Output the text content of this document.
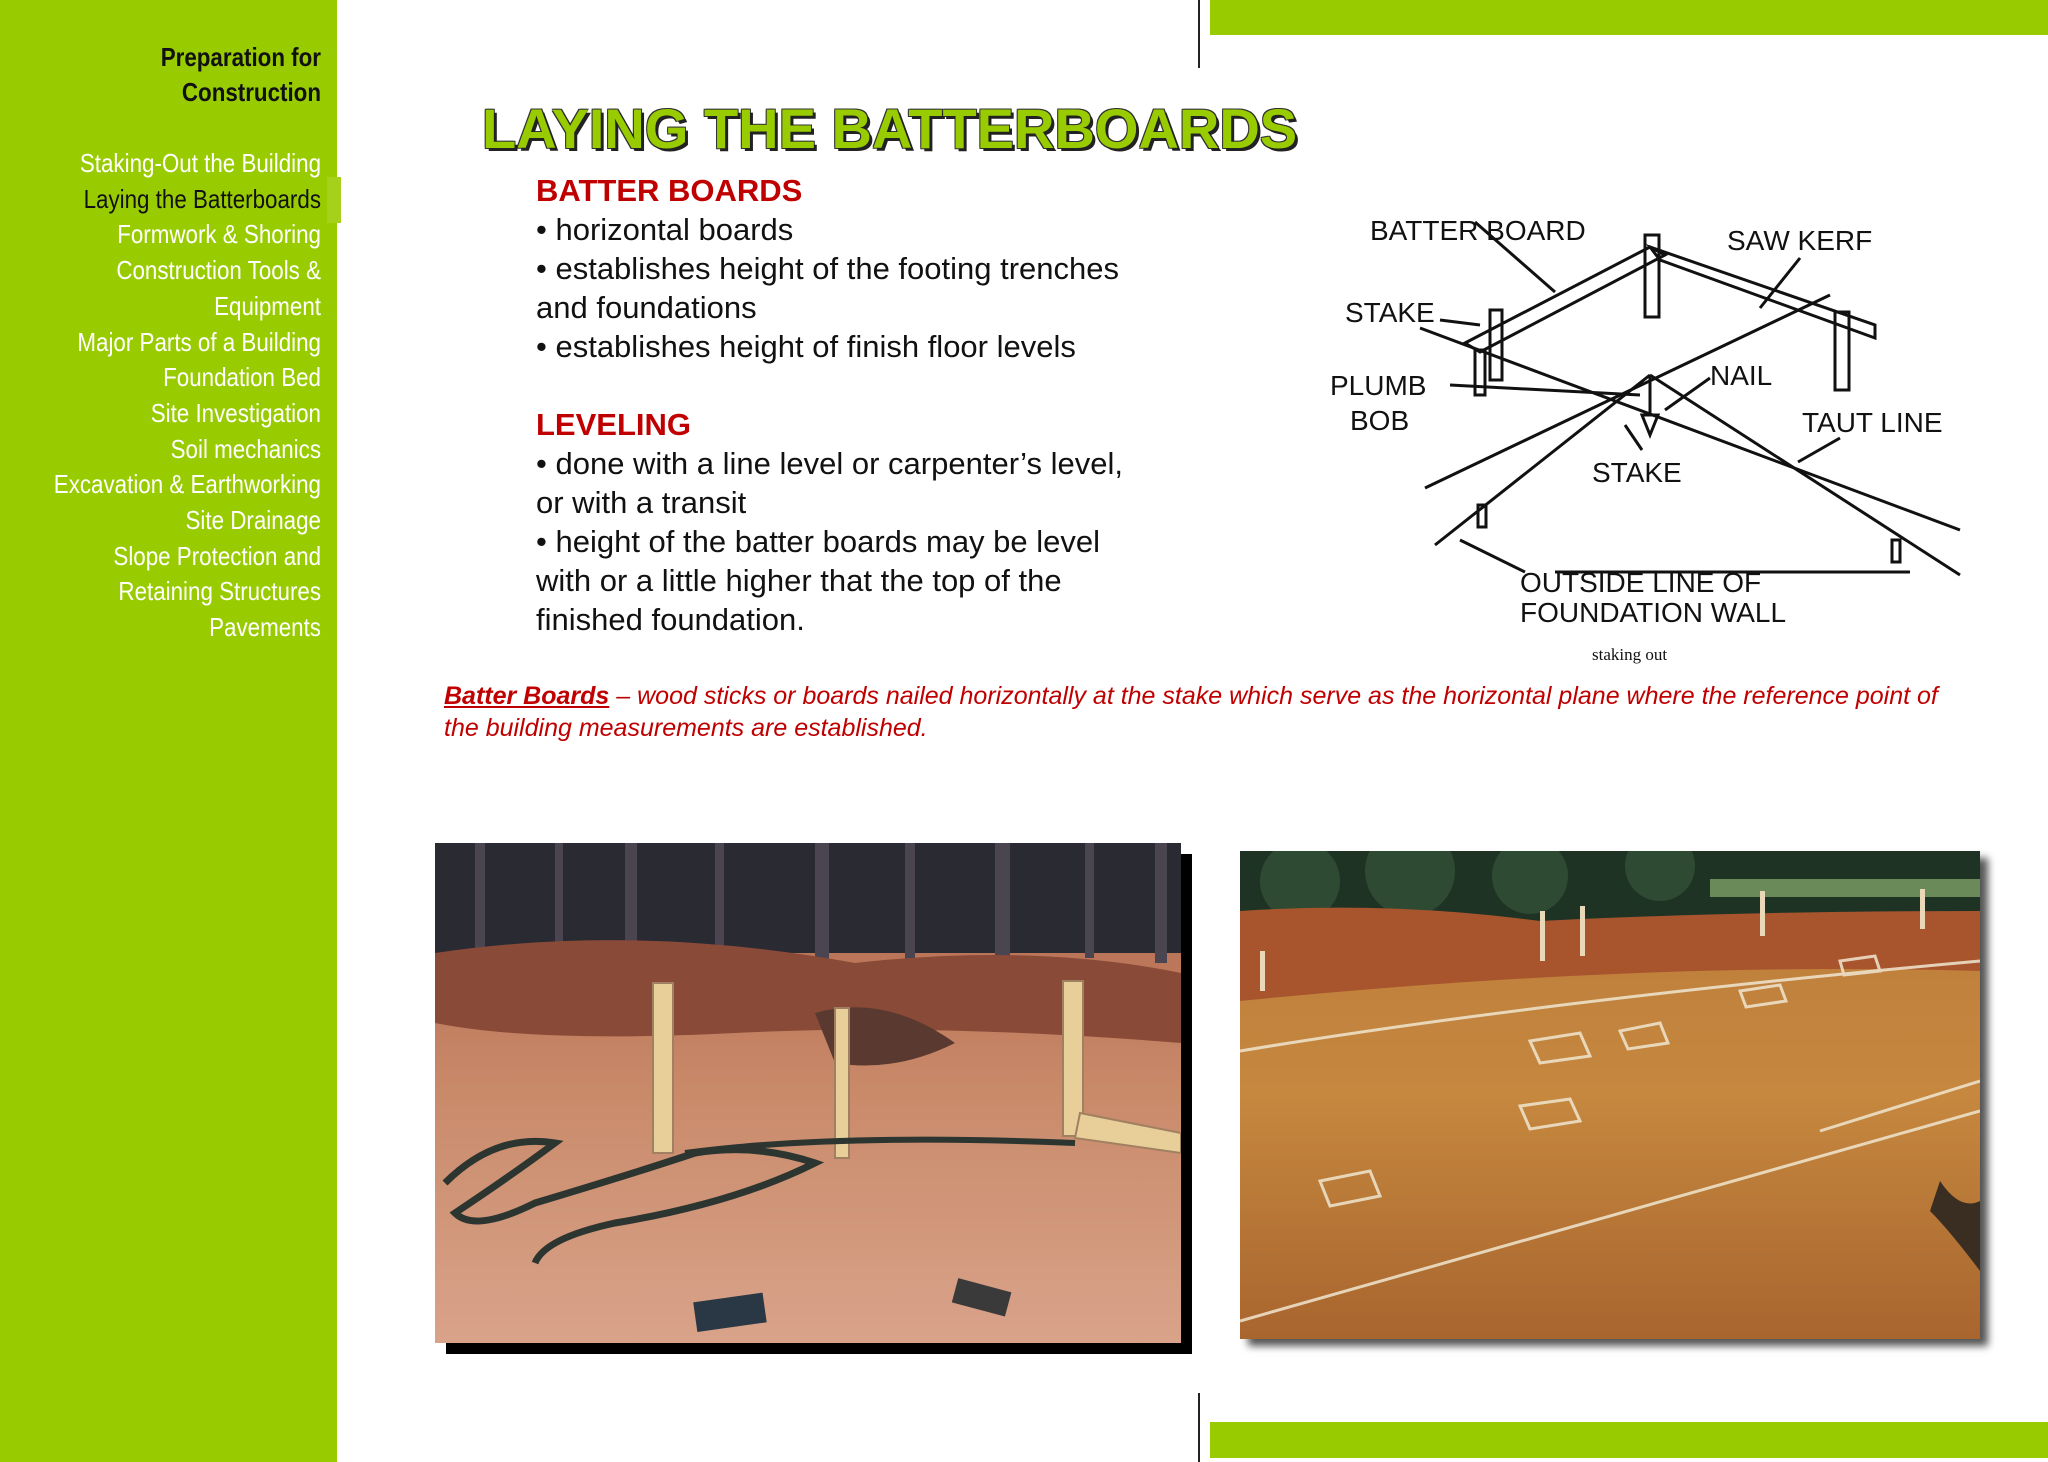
Preparation for
Construction
Staking-Out the Building
Laying the Batterboards
Formwork & Shoring
Construction Tools &
Equipment
Major Parts of a Building
Foundation Bed
Site Investigation
Soil mechanics
Excavation & Earthworking
Site Drainage
Slope Protection and
Retaining Structures
Pavements
LAYING THE BATTERBOARDS
BATTER BOARDS
• horizontal boards
• establishes height of the footing trenches
and foundations
• establishes height of finish floor levels
LEVELING
• done with a line level or carpenter’s level,
or with a transit
• height of the batter boards may be level
with or a little higher that the top of the
finished foundation.
BATTER BOARD	SAW KERF
STAKE
PLUMB
BOB
NAIL
TAUT LINE
STAKE
OUTSIDE LINE OF
FOUNDATION WALL
staking out
Batter Boards – wood sticks or boards nailed horizontally at the stake which serve as the horizontal plane where the reference point of the building measurements are established.
